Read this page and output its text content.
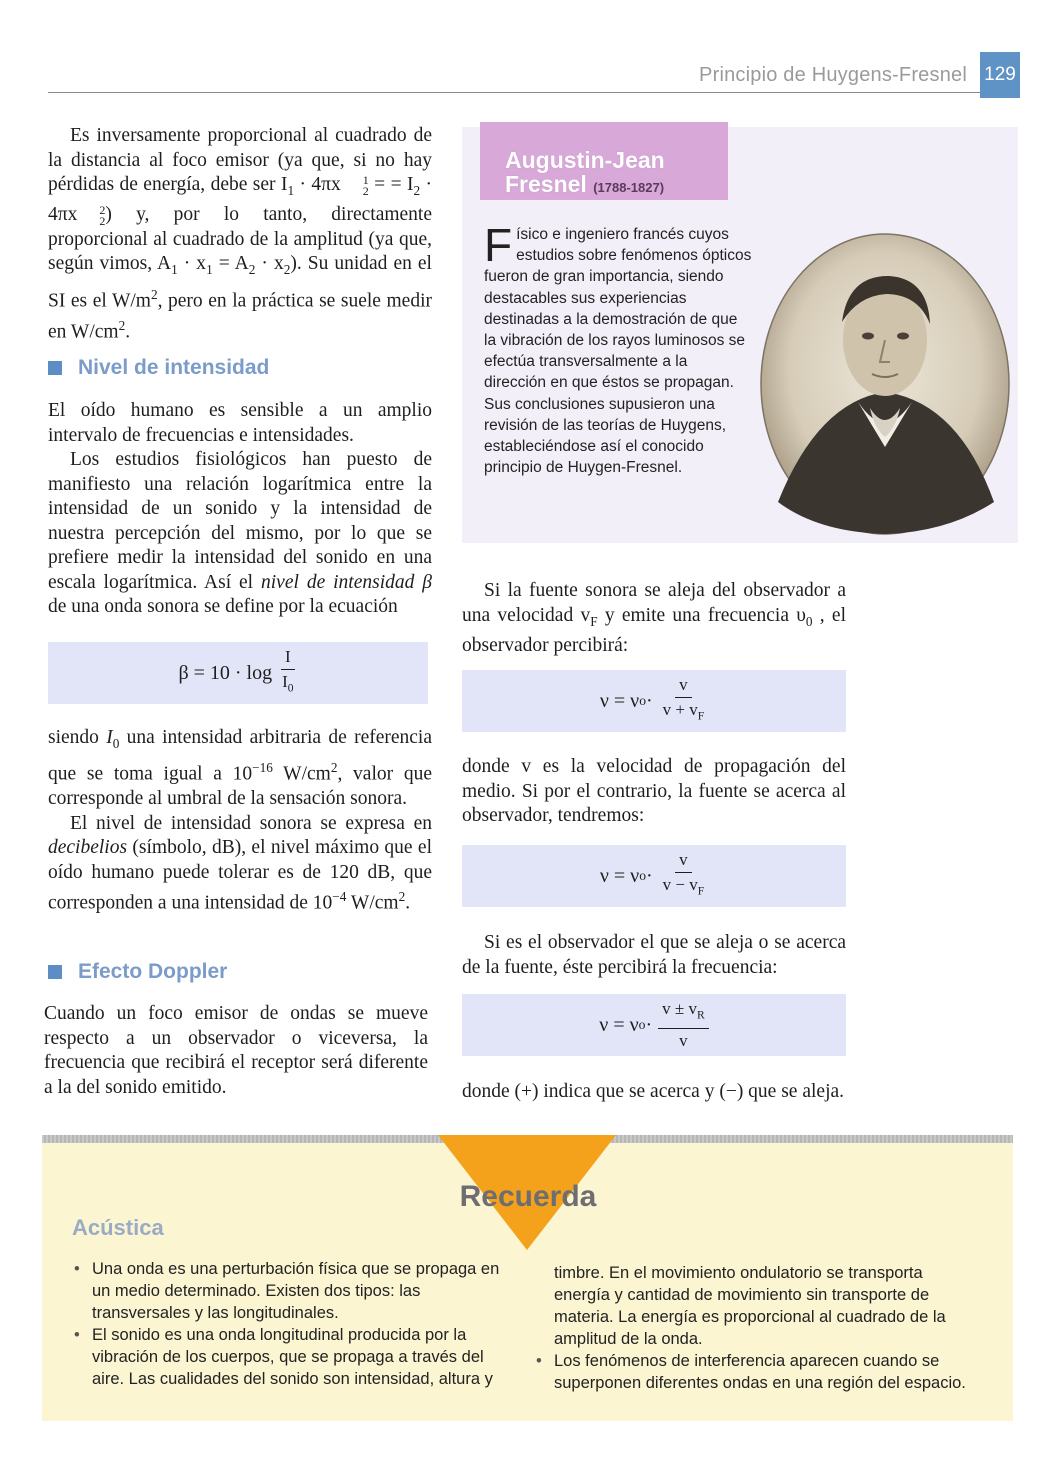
Principio de Huygens-Fresnel 129

Es inversamente proporcional al cuadrado de la distancia al foco emisor (ya que, si no hay pérdidas de energía, debe ser $I_1 \cdot 4\pi x$	1
2 = = $I_2 \cdot 4\pi x$	2
2 ) y, por lo tanto, directamente proporcional al cuadrado de la amplitud (ya que, según vimos, $A_1 \cdot x_1 = A_2 \cdot x_2$). Su unidad en el SI es el $W/m^2$, pero en la práctica se suele medir en $W/cm^2$.

Nivel de intensidad

El oído humano es sensible a un amplio intervalo de frecuencias e intensidades.

Los estudios fisiológicos han puesto de manifiesto una relación logarítmica entre la intensidad de un sonido y la intensidad de nuestra percepción del mismo, por lo que se prefiere medir la intensidad del sonido en una escala logarítmica. Así el nivel de intensidad β de una onda sonora se define por la ecuación

$\beta = 10 \cdot \log \frac{I}{I_0}$

siendo $I_0$ una intensidad arbitraria de referencia que se toma igual a $10^{-16}$ $W/cm^2$, valor que corresponde al umbral de la sensación sonora.

El nivel de intensidad sonora se expresa en decibelios (símbolo, dB), el nivel máximo que el oído humano puede tolerar es de 120 dB, que corresponden a una intensidad de $10^{-4}$ $W/cm^2$.

Efecto Doppler

Cuando un foco emisor de ondas se mueve respecto a un observador o viceversa, la frecuencia que recibirá el receptor será diferente a la del sonido emitido.

Augustin-Jean
Fresnel (1788-1827)

Físico e ingeniero francés cuyos estudios sobre fenómenos ópticos fueron de gran importancia, siendo destacables sus experiencias destinadas a la demostración de que la vibración de los rayos luminosos se efectúa transversalmente a la dirección en que éstos se propagan. Sus conclusiones supusieron una revisión de las teorías de Huygens, estableciéndose así el conocido principio de Huygen-Fresnel.

Si la fuente sonora se aleja del observador a una velocidad $v_F$ y emite una frecuencia $\upsilon_0$ , el observador percibirá:

ν = ν $o \cdot \frac{v}{v + v_F}$

donde v es la velocidad de propagación del medio. Si por el contrario, la fuente se acerca al observador, tendremos:

ν = ν $o \cdot \frac{v}{v - v_F}$

Si es el observador el que se aleja o se acerca de la fuente, éste percibirá la frecuencia:

ν = ν $o \cdot \frac{v \pm v_R}{v}$

donde (+) indica que se acerca y (−) que se aleja.

Recuerda
Acústica
• Una onda es una perturbación física que se propaga en un medio determinado. Existen dos tipos: las transversales y las longitudinales.
• El sonido es una onda longitudinal producida por la vibración de los cuerpos, que se propaga a través del aire. Las cualidades del sonido son intensidad, altura y
timbre. En el movimiento ondulatorio se transporta energía y cantidad de movimiento sin transporte de materia. La energía es proporcional al cuadrado de la amplitud de la onda.
• Los fenómenos de interferencia aparecen cuando se superponen diferentes ondas en una región del espacio.
